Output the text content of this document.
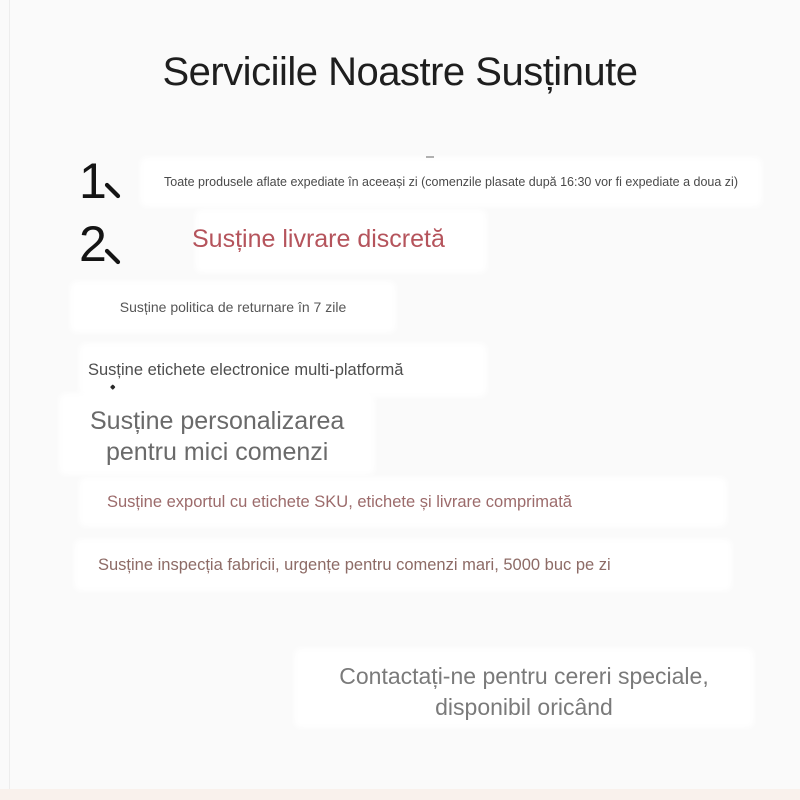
Serviciile Noastre Susținute
1
2
Toate produsele aflate expediate în aceeași zi (comenzile plasate după 16:30 vor fi expediate a doua zi)
Susține livrare discretă
Susține politica de returnare în 7 zile
Susține etichete electronice multi-platformă
Susține personalizarea
pentru mici comenzi
Susține exportul cu etichete SKU, etichete și livrare comprimată
Susține inspecția fabricii, urgențe pentru comenzi mari, 5000 buc pe zi
Contactați-ne pentru cereri speciale,
disponibil oricând
